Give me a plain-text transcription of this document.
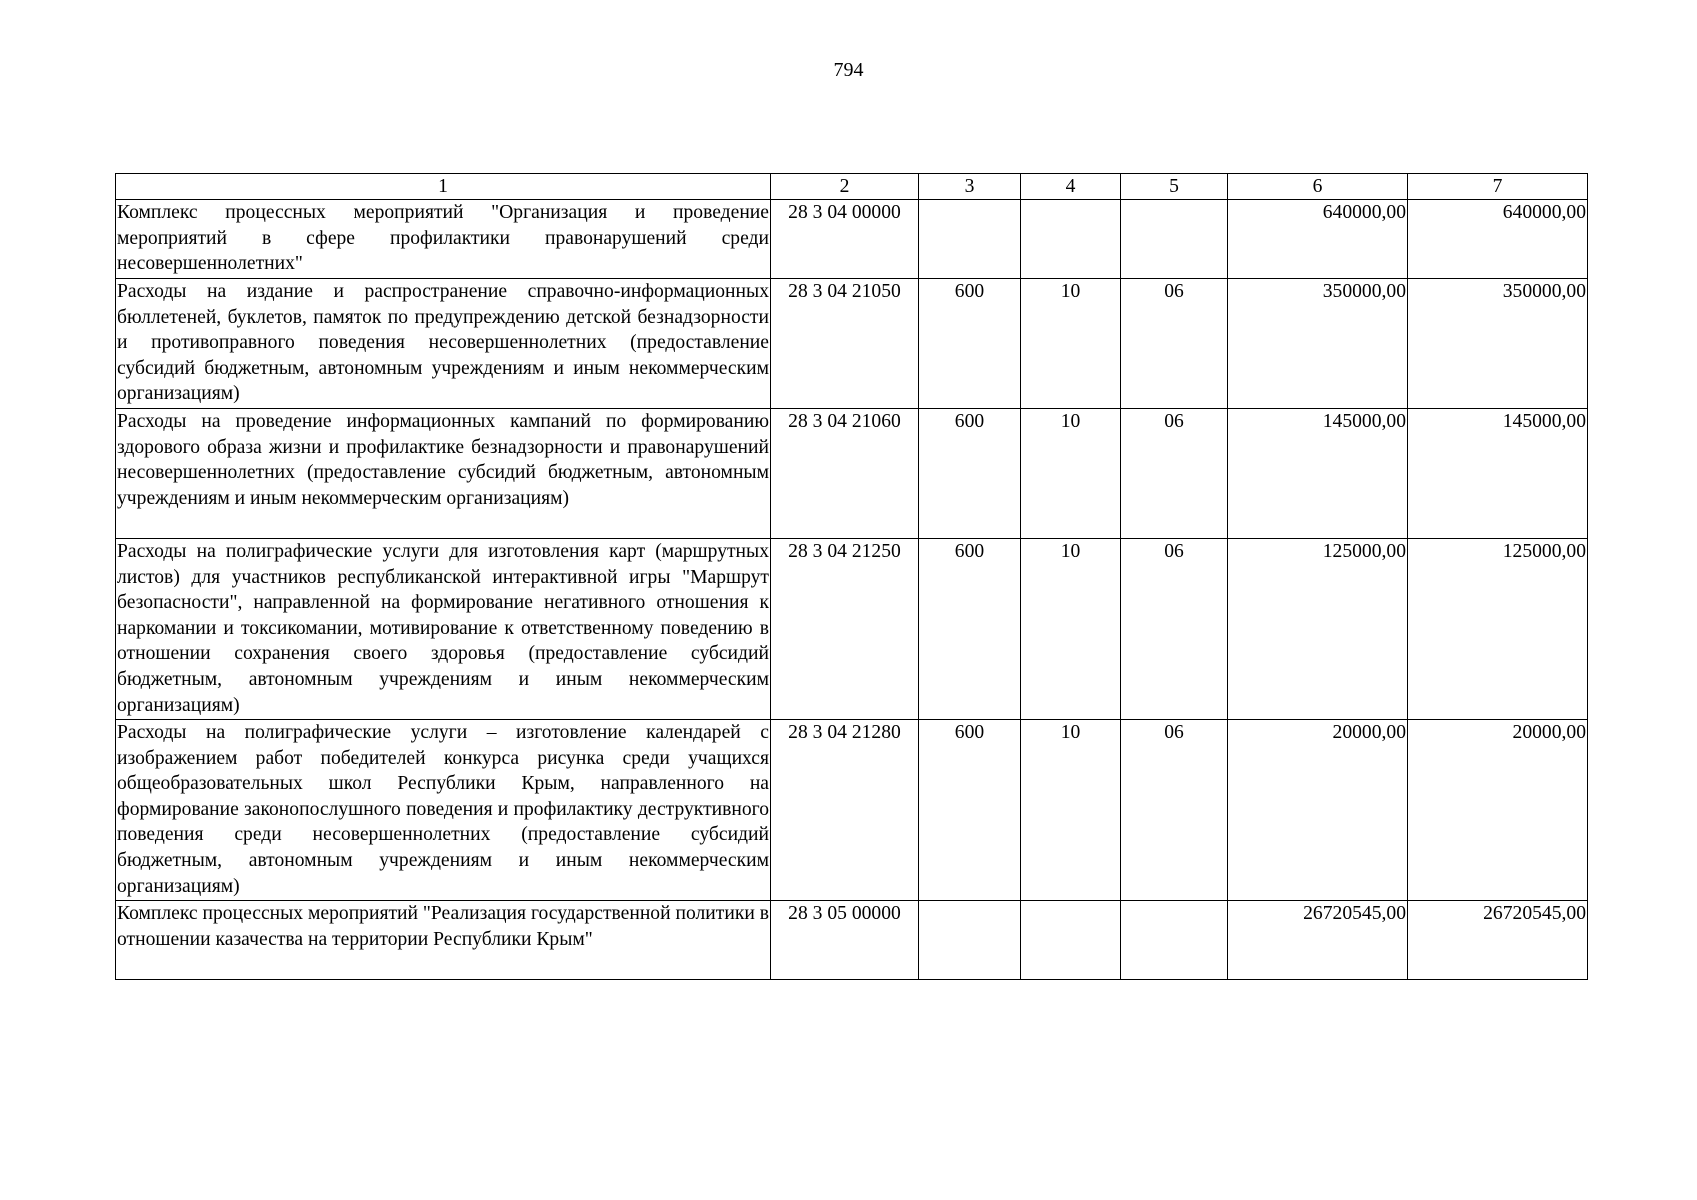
794
1	2	3	4	5	6	7
Комплекс процессных мероприятий "Организация и проведение мероприятий в сфере профилактики правонарушений среди несовершеннолетних"	28 3 04 00000				640000,00	640000,00
Расходы на издание и распространение справочно-информационных бюллетеней, буклетов, памяток по предупреждению детской безнадзорности и противоправного поведения несовершеннолетних (предоставление субсидий бюджетным, автономным учреждениям и иным некоммерческим организациям)	28 3 04 21050	600	10	06	350000,00	350000,00
Расходы на проведение информационных кампаний по формированию здорового образа жизни и профилактике безнадзорности и правонарушений несовершеннолетних (предоставление субсидий бюджетным, автономным учреждениям и иным некоммерческим организациям)	28 3 04 21060	600	10	06	145000,00	145000,00
Расходы на полиграфические услуги для изготовления карт (маршрутных листов) для участников республиканской интерактивной игры "Маршрут безопасности", направленной на формирование негативного отношения к наркомании и токсикомании, мотивирование к ответственному поведению в отношении сохранения своего здоровья (предоставление субсидий бюджетным, автономным учреждениям и иным некоммерческим организациям)	28 3 04 21250	600	10	06	125000,00	125000,00
Расходы на полиграфические услуги – изготовление календарей с изображением работ победителей конкурса рисунка среди учащихся общеобразовательных школ Республики Крым, направленного на формирование законопослушного поведения и профилактику деструктивного поведения среди несовершеннолетних (предоставление субсидий бюджетным, автономным учреждениям и иным некоммерческим организациям)	28 3 04 21280	600	10	06	20000,00	20000,00
Комплекс процессных мероприятий "Реализация государственной политики в отношении казачества на территории Республики Крым"	28 3 05 00000				26720545,00	26720545,00
